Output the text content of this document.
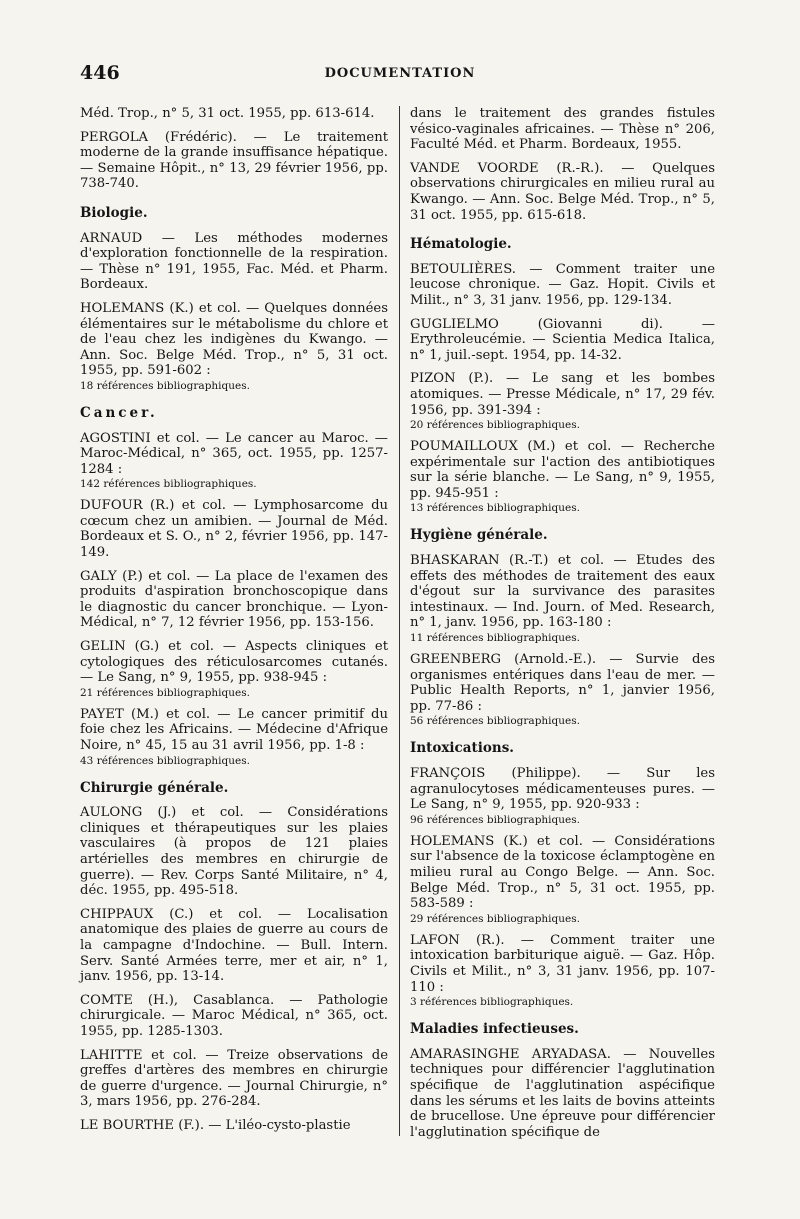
446	DOCUMENTATION
Méd. Trop., n° 5, 31 oct. 1955, pp. 613-614.
PERGOLA (Frédéric). — Le traitement moderne de la grande insuffisance hépatique. — Semaine Hôpit., n° 13, 29 février 1956, pp. 738-740.
Biologie.
ARNAUD — Les méthodes modernes d'exploration fonctionnelle de la respiration. — Thèse n° 191, 1955, Fac. Méd. et Pharm. Bordeaux.
HOLEMANS (K.) et col. — Quelques données élémentaires sur le métabolisme du chlore et de l'eau chez les indigènes du Kwango. — Ann. Soc. Belge Méd. Trop., n° 5, 31 oct. 1955, pp. 591-602 :
18 références bibliographiques.
Cancer.
AGOSTINI et col. — Le cancer au Maroc. — Maroc-Médical, n° 365, oct. 1955, pp. 1257-1284 :
142 références bibliographiques.
DUFOUR (R.) et col. — Lymphosarcome du cœcum chez un amibien. — Journal de Méd. Bordeaux et S. O., n° 2, février 1956, pp. 147-149.
GALY (P.) et col. — La place de l'examen des produits d'aspiration bronchoscopique dans le diagnostic du cancer bronchique. — Lyon-Médical, n° 7, 12 février 1956, pp. 153-156.
GELIN (G.) et col. — Aspects cliniques et cytologiques des réticulosarcomes cutanés. — Le Sang, n° 9, 1955, pp. 938-945 :
21 références bibliographiques.
PAYET (M.) et col. — Le cancer primitif du foie chez les Africains. — Médecine d'Afrique Noire, n° 45, 15 au 31 avril 1956, pp. 1-8 :
43 références bibliographiques.
Chirurgie générale.
AULONG (J.) et col. — Considérations cliniques et thérapeutiques sur les plaies vasculaires (à propos de 121 plaies artérielles des membres en chirurgie de guerre). — Rev. Corps Santé Militaire, n° 4, déc. 1955, pp. 495-518.
CHIPPAUX (C.) et col. — Localisation anatomique des plaies de guerre au cours de la campagne d'Indochine. — Bull. Intern. Serv. Santé Armées terre, mer et air, n° 1, janv. 1956, pp. 13-14.
COMTE (H.), Casablanca. — Pathologie chirurgicale. — Maroc Médical, n° 365, oct. 1955, pp. 1285-1303.
LAHITTE et col. — Treize observations de greffes d'artères des membres en chirurgie de guerre d'urgence. — Journal Chirurgie, n° 3, mars 1956, pp. 276-284.
LE BOURTHE (F.). — L'iléo-cysto-plastie
dans le traitement des grandes fistules vésico-vaginales africaines. — Thèse n° 206, Faculté Méd. et Pharm. Bordeaux, 1955.
VANDE VOORDE (R.-R.). — Quelques observations chirurgicales en milieu rural au Kwango. — Ann. Soc. Belge Méd. Trop., n° 5, 31 oct. 1955, pp. 615-618.
Hématologie.
BETOULIÈRES. — Comment traiter une leucose chronique. — Gaz. Hopit. Civils et Milit., n° 3, 31 janv. 1956, pp. 129-134.
GUGLIELMO (Giovanni di). — Erythroleucémie. — Scientia Medica Italica, n° 1, juil.-sept. 1954, pp. 14-32.
PIZON (P.). — Le sang et les bombes atomiques. — Presse Médicale, n° 17, 29 fév. 1956, pp. 391-394 :
20 références bibliographiques.
POUMAILLOUX (M.) et col. — Recherche expérimentale sur l'action des antibiotiques sur la série blanche. — Le Sang, n° 9, 1955, pp. 945-951 :
13 références bibliographiques.
Hygiène générale.
BHASKARAN (R.-T.) et col. — Etudes des effets des méthodes de traitement des eaux d'égout sur la survivance des parasites intestinaux. — Ind. Journ. of Med. Research, n° 1, janv. 1956, pp. 163-180 :
11 références bibliographiques.
GREENBERG (Arnold.-E.). — Survie des organismes entériques dans l'eau de mer. — Public Health Reports, n° 1, janvier 1956, pp. 77-86 :
56 références bibliographiques.
Intoxications.
FRANÇOIS (Philippe). — Sur les agranulocytoses médicamenteuses pures. — Le Sang, n° 9, 1955, pp. 920-933 :
96 références bibliographiques.
HOLEMANS (K.) et col. — Considérations sur l'absence de la toxicose éclamptogène en milieu rural au Congo Belge. — Ann. Soc. Belge Méd. Trop., n° 5, 31 oct. 1955, pp. 583-589 :
29 références bibliographiques.
LAFON (R.). — Comment traiter une intoxication barbiturique aiguë. — Gaz. Hôp. Civils et Milit., n° 3, 31 janv. 1956, pp. 107-110 :
3 références bibliographiques.
Maladies infectieuses.
AMARASINGHE ARYADASA. — Nouvelles techniques pour différencier l'agglutination spécifique de l'agglutination aspécifique dans les sérums et les laits de bovins atteints de brucellose. Une épreuve pour différencier l'agglutination spécifique de
